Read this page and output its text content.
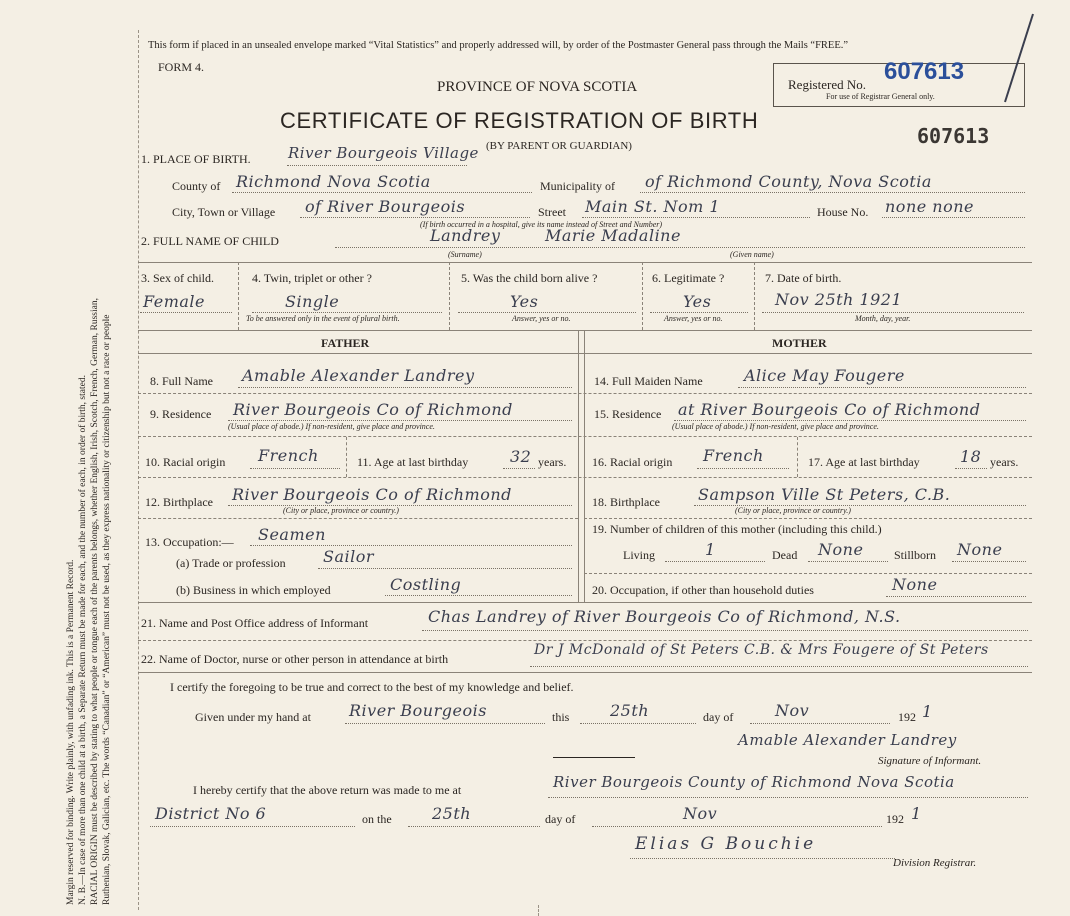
Margin reserved for binding. Write plainly, with unfading ink. This is a Permanent Record. N. B.—In case of more than one child at a birth, a Separate Return must be made for each, and the number of each, in order of birth, stated. RACIAL ORIGIN must be described by stating to what people or tongue each of the parents belongs, whether English, Irish, Scotch, French, German, Russian, Ruthenian, Slovak, Galician, etc. The words “Canadian” or “American” must not be used, as they express nationality or citizenship but not a race or people
This form if placed in an unsealed envelope marked “Vital Statistics” and properly addressed will, by order of the Postmaster General pass through the Mails “FREE.”
FORM 4.
PROVINCE OF NOVA SCOTIA
CERTIFICATE OF REGISTRATION OF BIRTH
(BY PARENT OR GUARDIAN)
Registered No. 607613
For use of Registrar General only.
607613
1. PLACE OF BIRTH. River Bourgeois Village
County of Richmond Nova Scotia	Municipality of of Richmond County, Nova Scotia
City, Town or Village of River Bourgeois	Street Main St. Nom 1	House No. none none
(If birth occurred in a hospital, give its name instead of Street and Number)
2. FULL NAME OF CHILD	Landrey	Marie Madaline
(Surname)	(Given name)
3. Sex of child.
Female
4. Twin, triplet or other ?
Single
To be answered only in the event of plural birth.
5. Was the child born alive ?
Yes
Answer, yes or no.
6. Legitimate ?
Yes
Answer, yes or no.
7. Date of birth.
Nov 25th 1921
Month, day, year.
FATHER	MOTHER
8. Full Name Amable Alexander Landrey
9. Residence River Bourgeois Co of Richmond
(Usual place of abode.) If non-resident, give place and province.
10. Racial origin French	11. Age at last birthday	32 years.
12. Birthplace River Bourgeois Co of Richmond
(City or place, province or country.)
13. Occupation:— Seamen
(a) Trade or profession Sailor
(b) Business in which employed	Costling
14. Full Maiden Name	Alice May Fougere
15. Residence at River Bourgeois Co of Richmond
(Usual place of abode.) If non-resident, give place and province.
16. Racial origin French	17. Age at last birthday	18 years.
18. Birthplace Sampson Ville St Peters, C.B.
(City or place, province or country.)
19. Number of children of this mother (including this child.)
Living	1	Dead None	Stillborn None
20. Occupation, if other than household duties	None
21. Name and Post Office address of Informant	Chas Landrey of River Bourgeois Co of Richmond, N.S.
22. Name of Doctor, nurse or other person in attendance at birth
Dr J McDonald of St Peters C.B. & Mrs Fougere of St Peters
I certify the foregoing to be true and correct to the best of my knowledge and belief.
Given under my hand at River Bourgeois	this	25th	day of	Nov	192 1
Amable Alexander Landrey
Signature of Informant.
I hereby certify that the above return was made to me at	River Bourgeois County of Richmond Nova Scotia
District No 6	on the	25th	day of	Nov	192 1
Elias G Bouchie
Division Registrar.
